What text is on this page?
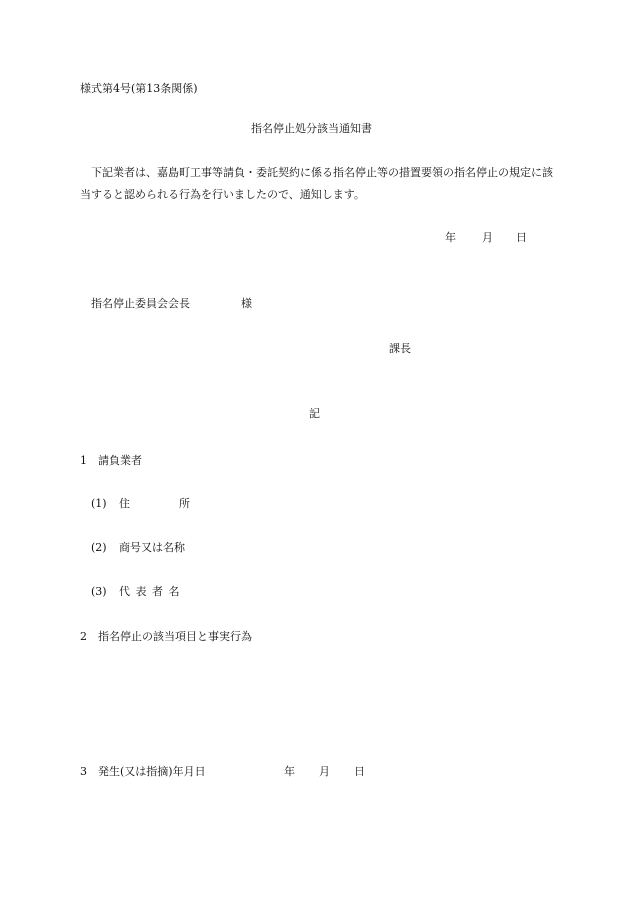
様式第4号(第13条関係)
指名停止処分該当通知書
下記業者は、嘉島町工事等請負・委託契約に係る指名停止等の措置要領の指名停止の規定に該当すると認められる行為を行いましたので、通知します。
年 月 日
指名停止委員会会長	様
課長
記
1 請負業者
(1) 住	所
(2) 商号又は名称
(3) 代 表 者 名
2 指名停止の該当項目と事実行為
3 発生(又は指摘)年月日	年 月 日
